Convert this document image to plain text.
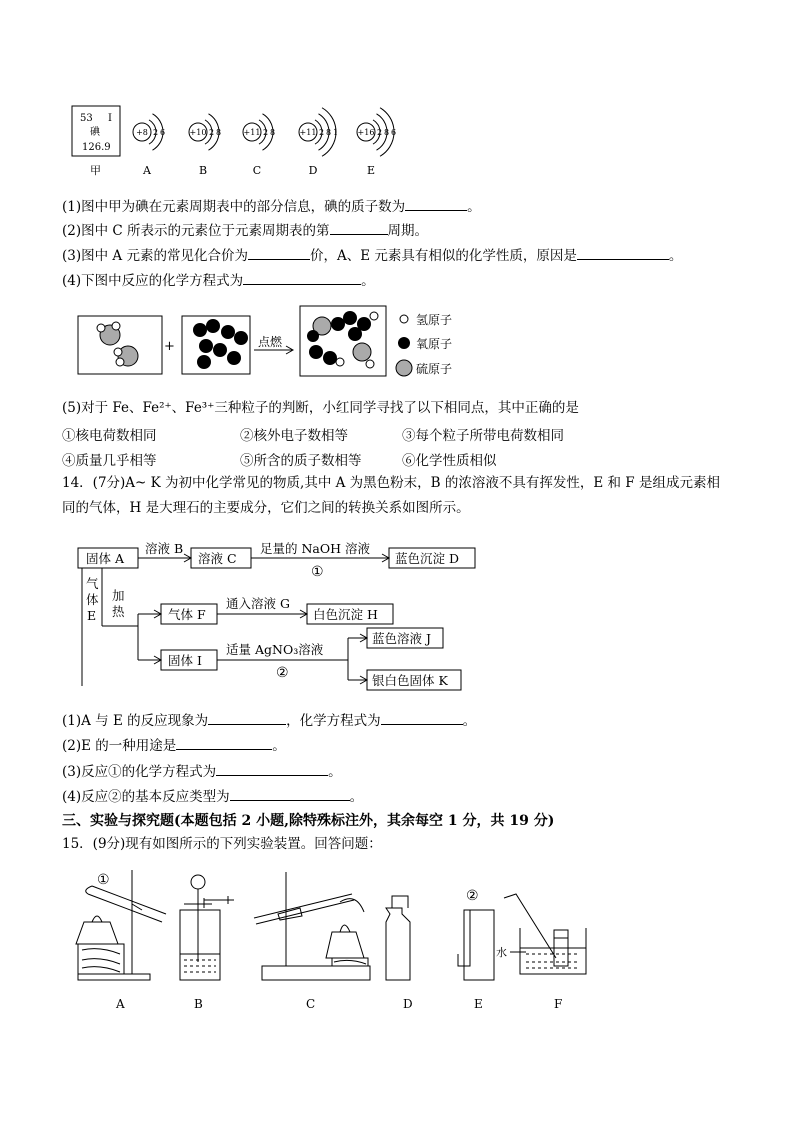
53 I
碘
126.9
甲
+8 2 6
A
+10 2 8
B
+11 2 8
C
+11 2 8 1
D
+16 2 8 6
E
(1)图中甲为碘在元素周期表中的部分信息，碘的质子数为	。
(2)图中 C 所表示的元素位于元素周期表的第	周期。
(3)图中 A 元素的常见化合价为	价，A、E 元素具有相似的化学性质，原因是	。
(4)下图中反应的化学方程式为	。
+	点燃
氢原子
氧原子
硫原子
(5)对于 Fe、Fe²⁺、Fe³⁺三种粒子的判断，小红同学寻找了以下相同点，其中正确的是
①核电荷数相同	②核外电子数相等	③每个粒子所带电荷数相同
④质量几乎相等	⑤所含的质子数相等	⑥化学性质相似
14．(7分)A~ K 为初中化学常见的物质,其中 A 为黑色粉末，B 的浓溶液不具有挥发性，E 和 F 是组成元素相
同的气体，H 是大理石的主要成分，它们之间的转换关系如图所示。
固体 A
溶液 B
溶液 C
足量的 NaOH 溶液
①
蓝色沉淀 D
气
体
E
加
热	气体 F
通入溶液 G
白色沉淀 H
固体 I
适量 AgNO₃溶液
②
蓝色溶液 J
银白色固体 K
(1)A 与 E 的反应现象为	，化学方程式为	。
(2)E 的一种用途是	。
(3)反应①的化学方程式为	。
(4)反应②的基本反应类型为	。
三、实验与探究题(本题包括 2 小题,除特殊标注外，其余每空 1 分，共 19 分)
15．(9分)现有如图所示的下列实验装置。回答问题：
①
A	B	C	D
②
E
水
F
